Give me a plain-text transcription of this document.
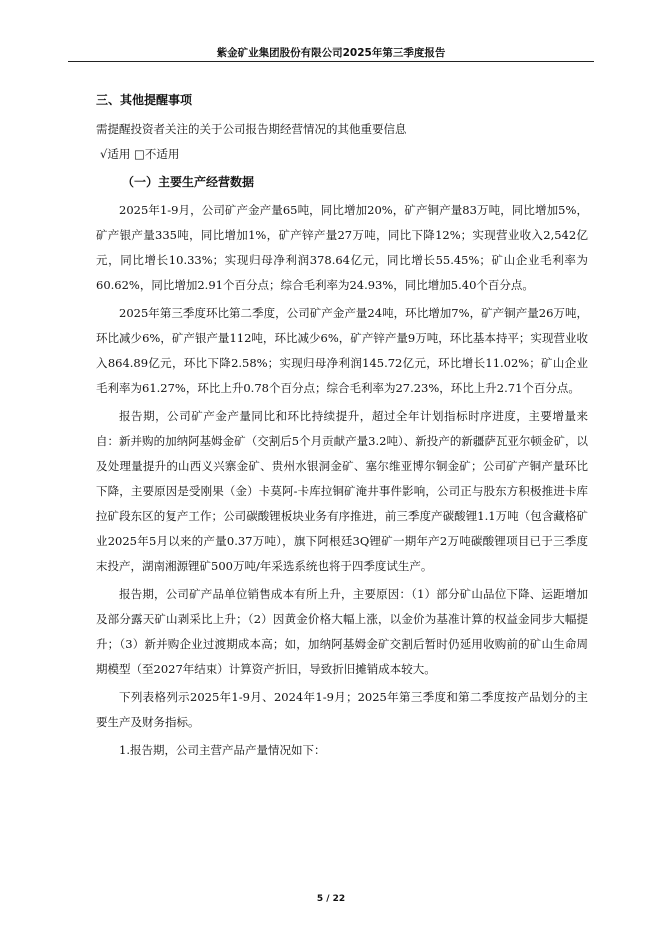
紫金矿业集团股份有限公司2025年第三季度报告

三、其他提醒事项

需提醒投资者关注的关于公司报告期经营情况的其他重要信息

√适用 □不适用

（一）主要生产经营数据

2025年1-9月，公司矿产金产量65吨，同比增加20%，矿产铜产量83万吨，同比增加5%，矿产银产量335吨，同比增加1%，矿产锌产量27万吨，同比下降12%；实现营业收入2,542亿元，同比增长10.33%；实现归母净利润378.64亿元，同比增长55.45%；矿山企业毛利率为60.62%，同比增加2.91个百分点；综合毛利率为24.93%，同比增加5.40个百分点。

2025年第三季度环比第二季度，公司矿产金产量24吨，环比增加7%，矿产铜产量26万吨，环比减少6%，矿产银产量112吨，环比减少6%，矿产锌产量9万吨，环比基本持平；实现营业收入864.89亿元，环比下降2.58%；实现归母净利润145.72亿元，环比增长11.02%；矿山企业毛利率为61.27%，环比上升0.78个百分点；综合毛利率为27.23%，环比上升2.71个百分点。

报告期，公司矿产金产量同比和环比持续提升，超过全年计划指标时序进度，主要增量来自：新并购的加纳阿基姆金矿（交割后5个月贡献产量3.2吨）、新投产的新疆萨瓦亚尔顿金矿，以及处理量提升的山西义兴寨金矿、贵州水银洞金矿、塞尔维亚博尔铜金矿；公司矿产铜产量环比下降，主要原因是受刚果（金）卡莫阿-卡库拉铜矿淹井事件影响，公司正与股东方积极推进卡库拉矿段东区的复产工作；公司碳酸锂板块业务有序推进，前三季度产碳酸锂1.1万吨（包含藏格矿业2025年5月以来的产量0.37万吨），旗下阿根廷3Q锂矿一期年产2万吨碳酸锂项目已于三季度末投产，湖南湘源锂矿500万吨/年采选系统也将于四季度试生产。

报告期，公司矿产品单位销售成本有所上升，主要原因：（1）部分矿山品位下降、运距增加及部分露天矿山剥采比上升；（2）因黄金价格大幅上涨，以金价为基准计算的权益金同步大幅提升；（3）新并购企业过渡期成本高；如，加纳阿基姆金矿交割后暂时仍延用收购前的矿山生命周期模型（至2027年结束）计算资产折旧，导致折旧摊销成本较大。

下列表格列示2025年1-9月、2024年1-9月；2025年第三季度和第二季度按产品划分的主要生产及财务指标。

1.报告期，公司主营产品产量情况如下：

5 / 22
